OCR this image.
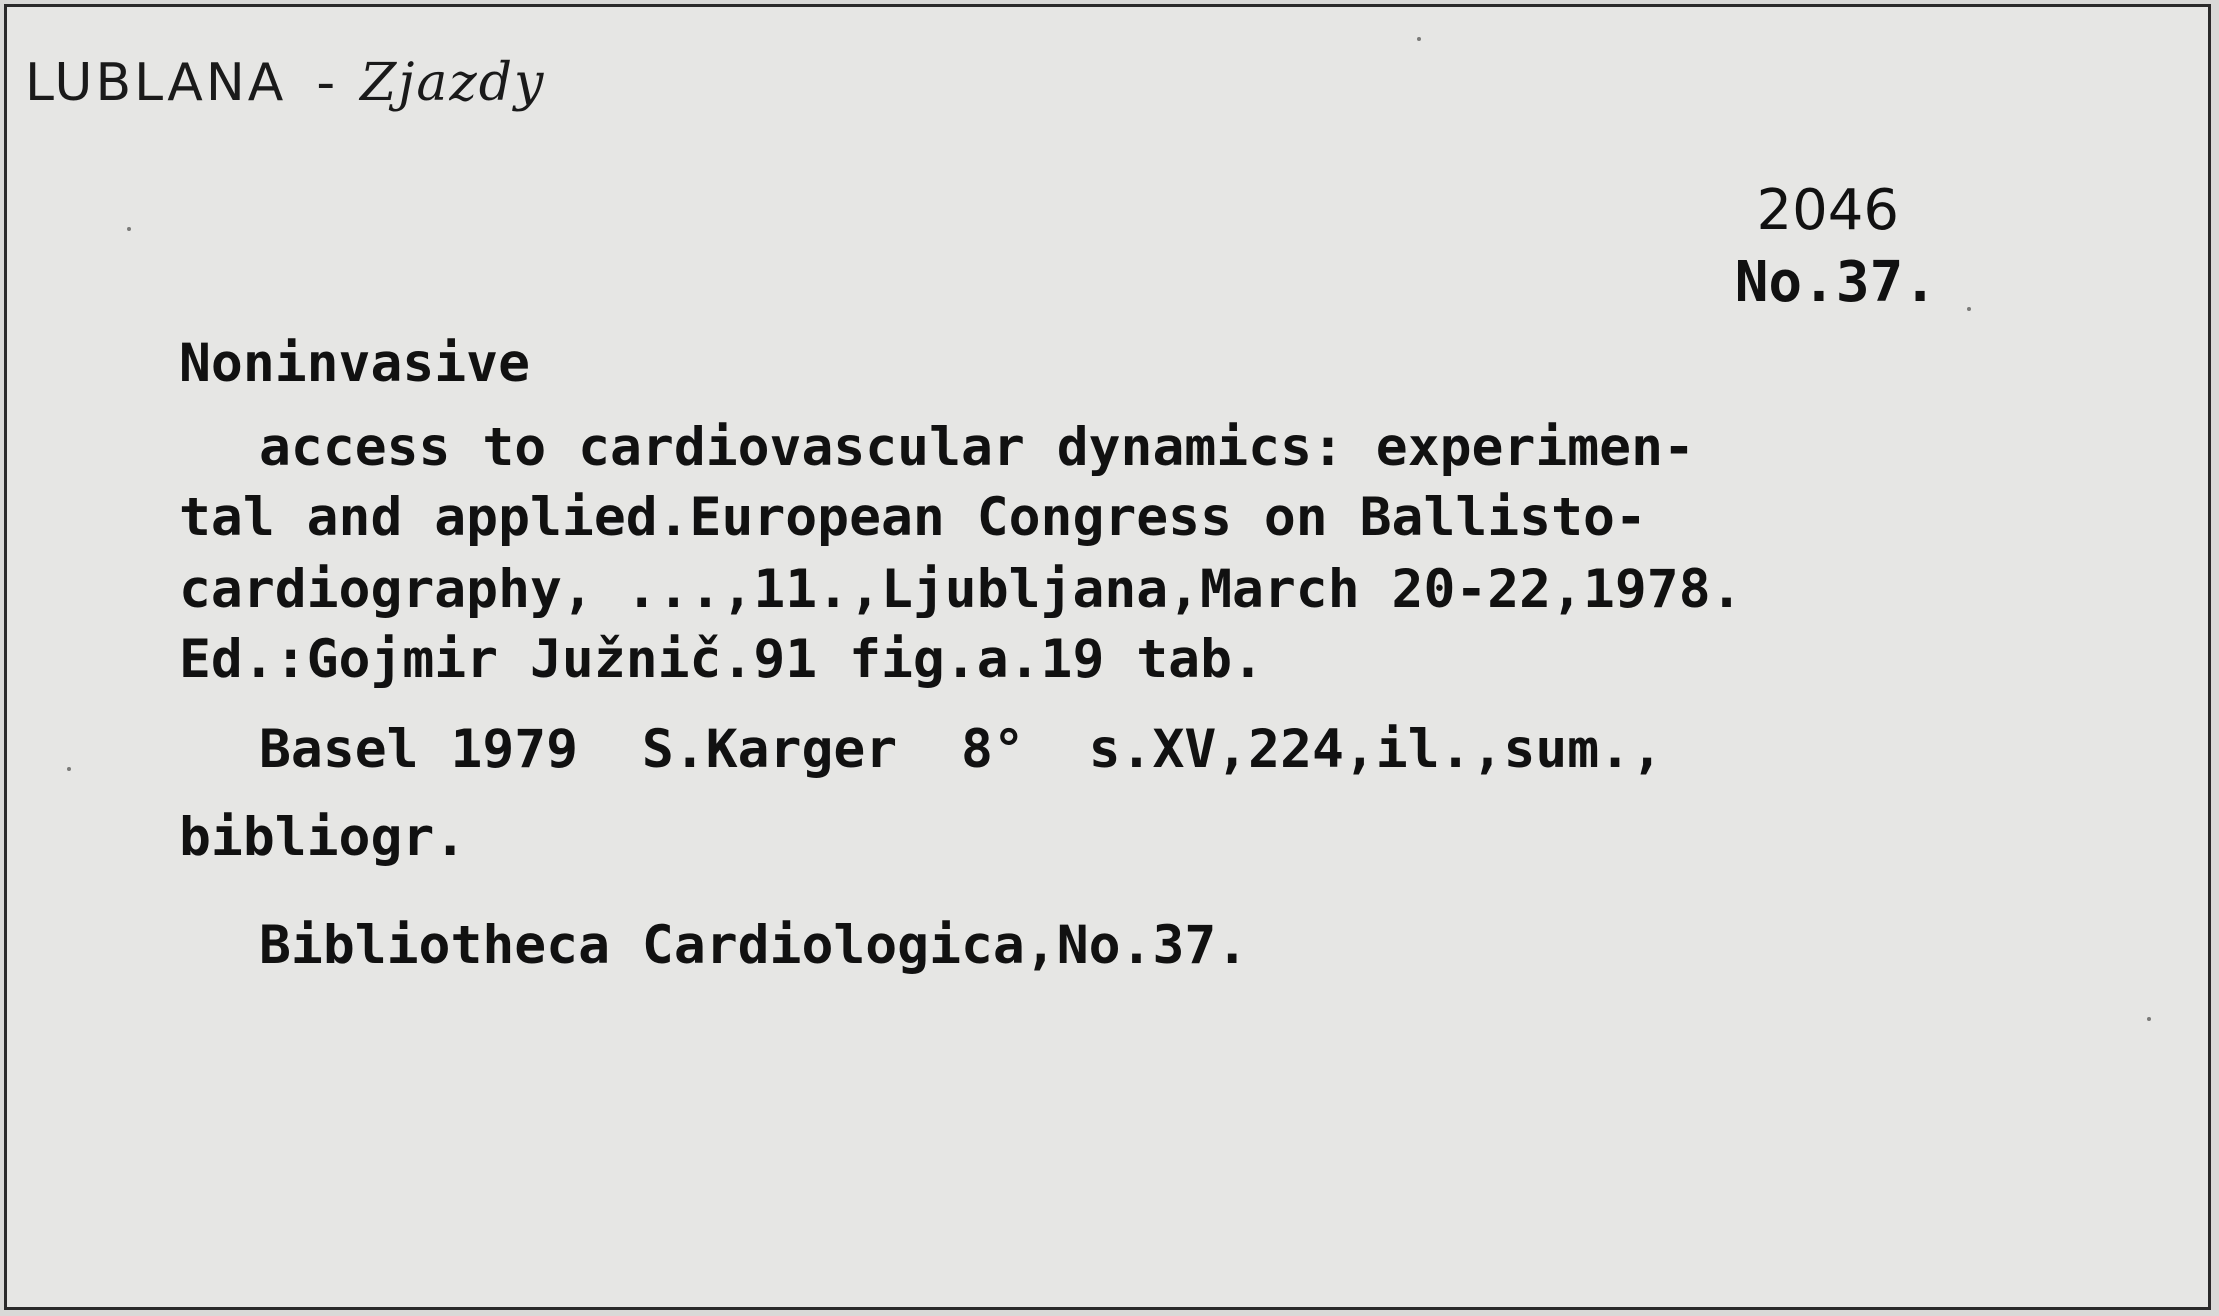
LUBLANA - Zjazdy
2046
No.37.

Noninvasive

access to cardiovascular dynamics: experimen-

tal and applied.European Congress on Ballisto-

cardiography, ...,11.,Ljubljana,March 20-22,1978.

Ed.:Gojmir Južnič.91 fig.a.19 tab.

Basel 1979  S.Karger  8°  s.XV,224,il.,sum.,

bibliogr.

Bibliotheca Cardiologica,No.37.
